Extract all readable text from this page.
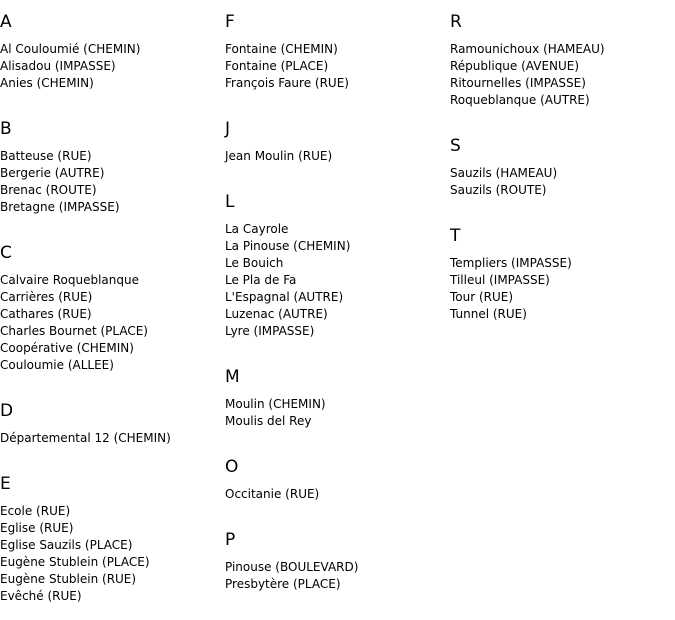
A
Al Couloumié (CHEMIN)
Alisadou (IMPASSE)
Anies (CHEMIN)
B
Batteuse (RUE)
Bergerie (AUTRE)
Brenac (ROUTE)
Bretagne (IMPASSE)
C
Calvaire Roqueblanque
Carrières (RUE)
Cathares (RUE)
Charles Bournet (PLACE)
Coopérative (CHEMIN)
Couloumie (ALLEE)
D
Départemental 12 (CHEMIN)
E
Ecole (RUE)
Eglise (RUE)
Eglise Sauzils (PLACE)
Eugène Stublein (PLACE)
Eugène Stublein (RUE)
Evêché (RUE)
F
Fontaine (CHEMIN)
Fontaine (PLACE)
François Faure (RUE)
J
Jean Moulin (RUE)
L
La Cayrole
La Pinouse (CHEMIN)
Le Bouich
Le Pla de Fa
L'Espagnal (AUTRE)
Luzenac (AUTRE)
Lyre (IMPASSE)
M
Moulin (CHEMIN)
Moulis del Rey
O
Occitanie (RUE)
P
Pinouse (BOULEVARD)
Presbytère (PLACE)
R
Ramounichoux (HAMEAU)
République (AVENUE)
Ritournelles (IMPASSE)
Roqueblanque (AUTRE)
S
Sauzils (HAMEAU)
Sauzils (ROUTE)
T
Templiers (IMPASSE)
Tilleul (IMPASSE)
Tour (RUE)
Tunnel (RUE)
